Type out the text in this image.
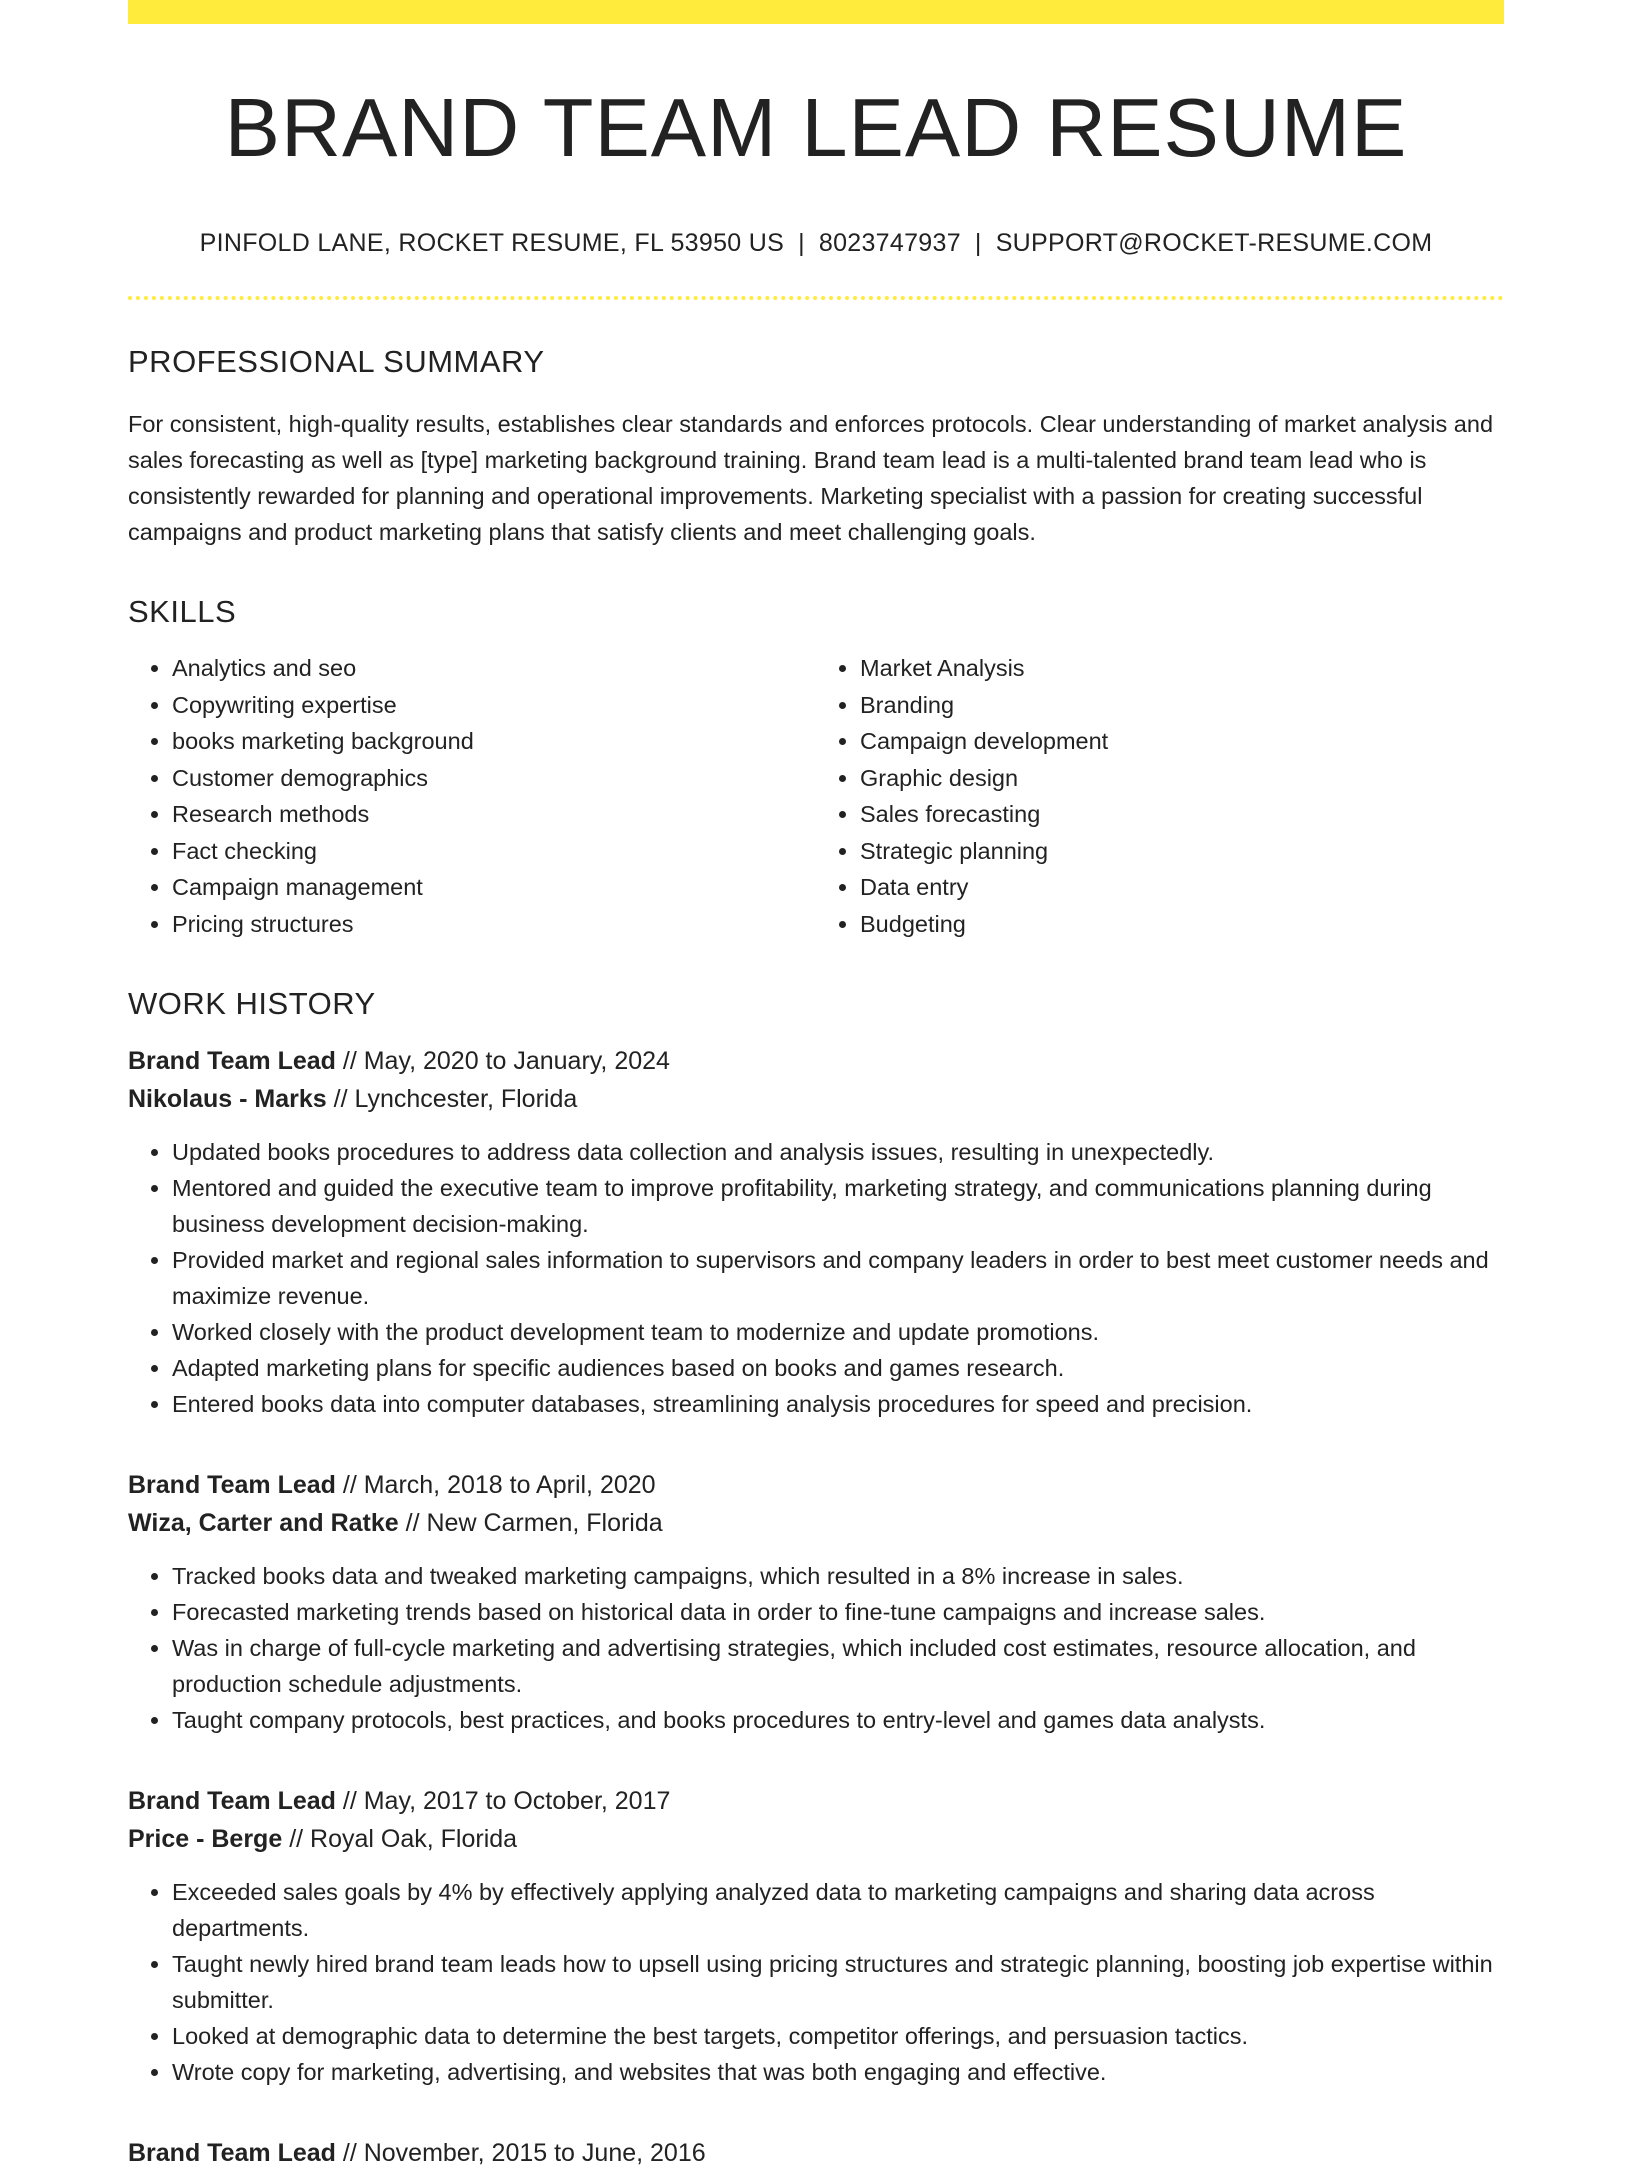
BRAND TEAM LEAD RESUME
PINFOLD LANE, ROCKET RESUME, FL 53950 US | 8023747937 | SUPPORT@ROCKET-RESUME.COM
PROFESSIONAL SUMMARY
For consistent, high-quality results, establishes clear standards and enforces protocols. Clear understanding of market analysis and sales forecasting as well as [type] marketing background training. Brand team lead is a multi-talented brand team lead who is consistently rewarded for planning and operational improvements. Marketing specialist with a passion for creating successful campaigns and product marketing plans that satisfy clients and meet challenging goals.
SKILLS
• Analytics and seo
• Copywriting expertise
• books marketing background
• Customer demographics
• Research methods
• Fact checking
• Campaign management
• Pricing structures
• Market Analysis
• Branding
• Campaign development
• Graphic design
• Sales forecasting
• Strategic planning
• Data entry
• Budgeting
WORK HISTORY
Brand Team Lead // May, 2020 to January, 2024
Nikolaus - Marks // Lynchcester, Florida
• Updated books procedures to address data collection and analysis issues, resulting in unexpectedly.
• Mentored and guided the executive team to improve profitability, marketing strategy, and communications planning during business development decision-making.
• Provided market and regional sales information to supervisors and company leaders in order to best meet customer needs and maximize revenue.
• Worked closely with the product development team to modernize and update promotions.
• Adapted marketing plans for specific audiences based on books and games research.
• Entered books data into computer databases, streamlining analysis procedures for speed and precision.
Brand Team Lead // March, 2018 to April, 2020
Wiza, Carter and Ratke // New Carmen, Florida
• Tracked books data and tweaked marketing campaigns, which resulted in a 8% increase in sales.
• Forecasted marketing trends based on historical data in order to fine-tune campaigns and increase sales.
• Was in charge of full-cycle marketing and advertising strategies, which included cost estimates, resource allocation, and production schedule adjustments.
• Taught company protocols, best practices, and books procedures to entry-level and games data analysts.
Brand Team Lead // May, 2017 to October, 2017
Price - Berge // Royal Oak, Florida
• Exceeded sales goals by 4% by effectively applying analyzed data to marketing campaigns and sharing data across departments.
• Taught newly hired brand team leads how to upsell using pricing structures and strategic planning, boosting job expertise within submitter.
• Looked at demographic data to determine the best targets, competitor offerings, and persuasion tactics.
• Wrote copy for marketing, advertising, and websites that was both engaging and effective.
Brand Team Lead // November, 2015 to June, 2016
